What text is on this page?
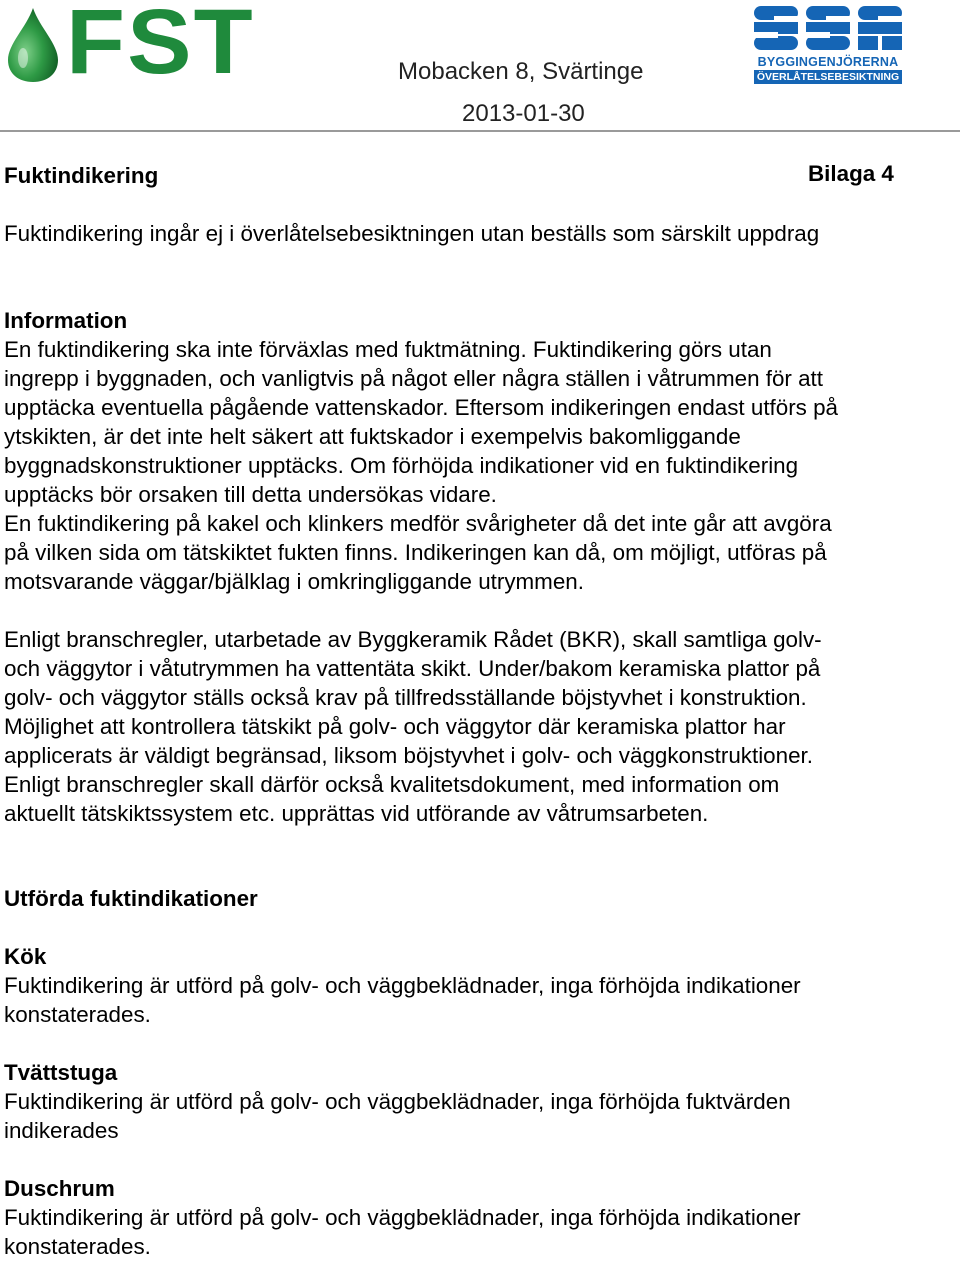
FST	Mobacken 8, Svärtinge
2013-01-30
BYGGINGENJÖRERNA
ÖVERLÅTELSEBESIKTNING
Fuktindikering
Fuktindikering ingår ej i överlåtelsebesiktningen utan beställs som särskilt uppdrag
Information
En fuktindikering ska inte förväxlas med fuktmätning. Fuktindikering görs utan
ingrepp i byggnaden, och vanligtvis på något eller några ställen i våtrummen för att
upptäcka eventuella pågående vattenskador. Eftersom indikeringen endast utförs på
ytskikten, är det inte helt säkert att fuktskador i exempelvis bakomliggande
byggnadskonstruktioner upptäcks. Om förhöjda indikationer vid en fuktindikering
upptäcks bör orsaken till detta undersökas vidare.
En fuktindikering på kakel och klinkers medför svårigheter då det inte går att avgöra
på vilken sida om tätskiktet fukten finns. Indikeringen kan då, om möjligt, utföras på
motsvarande väggar/bjälklag i omkringliggande utrymmen.
Enligt branschregler, utarbetade av Byggkeramik Rådet (BKR), skall samtliga golv-
och väggytor i våtutrymmen ha vattentäta skikt. Under/bakom keramiska plattor på
golv- och väggytor ställs också krav på tillfredsställande böjstyvhet i konstruktion.
Möjlighet att kontrollera tätskikt på golv- och väggytor där keramiska plattor har
applicerats är väldigt begränsad, liksom böjstyvhet i golv- och väggkonstruktioner.
Enligt branschregler skall därför också kvalitetsdokument, med information om
aktuellt tätskiktssystem etc. upprättas vid utförande av våtrumsarbeten.
Utförda fuktindikationer
Kök
Fuktindikering är utförd på golv- och väggbeklädnader, inga förhöjda indikationer
konstaterades.
Tvättstuga
Fuktindikering är utförd på golv- och väggbeklädnader, inga förhöjda fuktvärden
indikerades
Duschrum
Fuktindikering är utförd på golv- och väggbeklädnader, inga förhöjda indikationer
konstaterades.
Bilaga 4
